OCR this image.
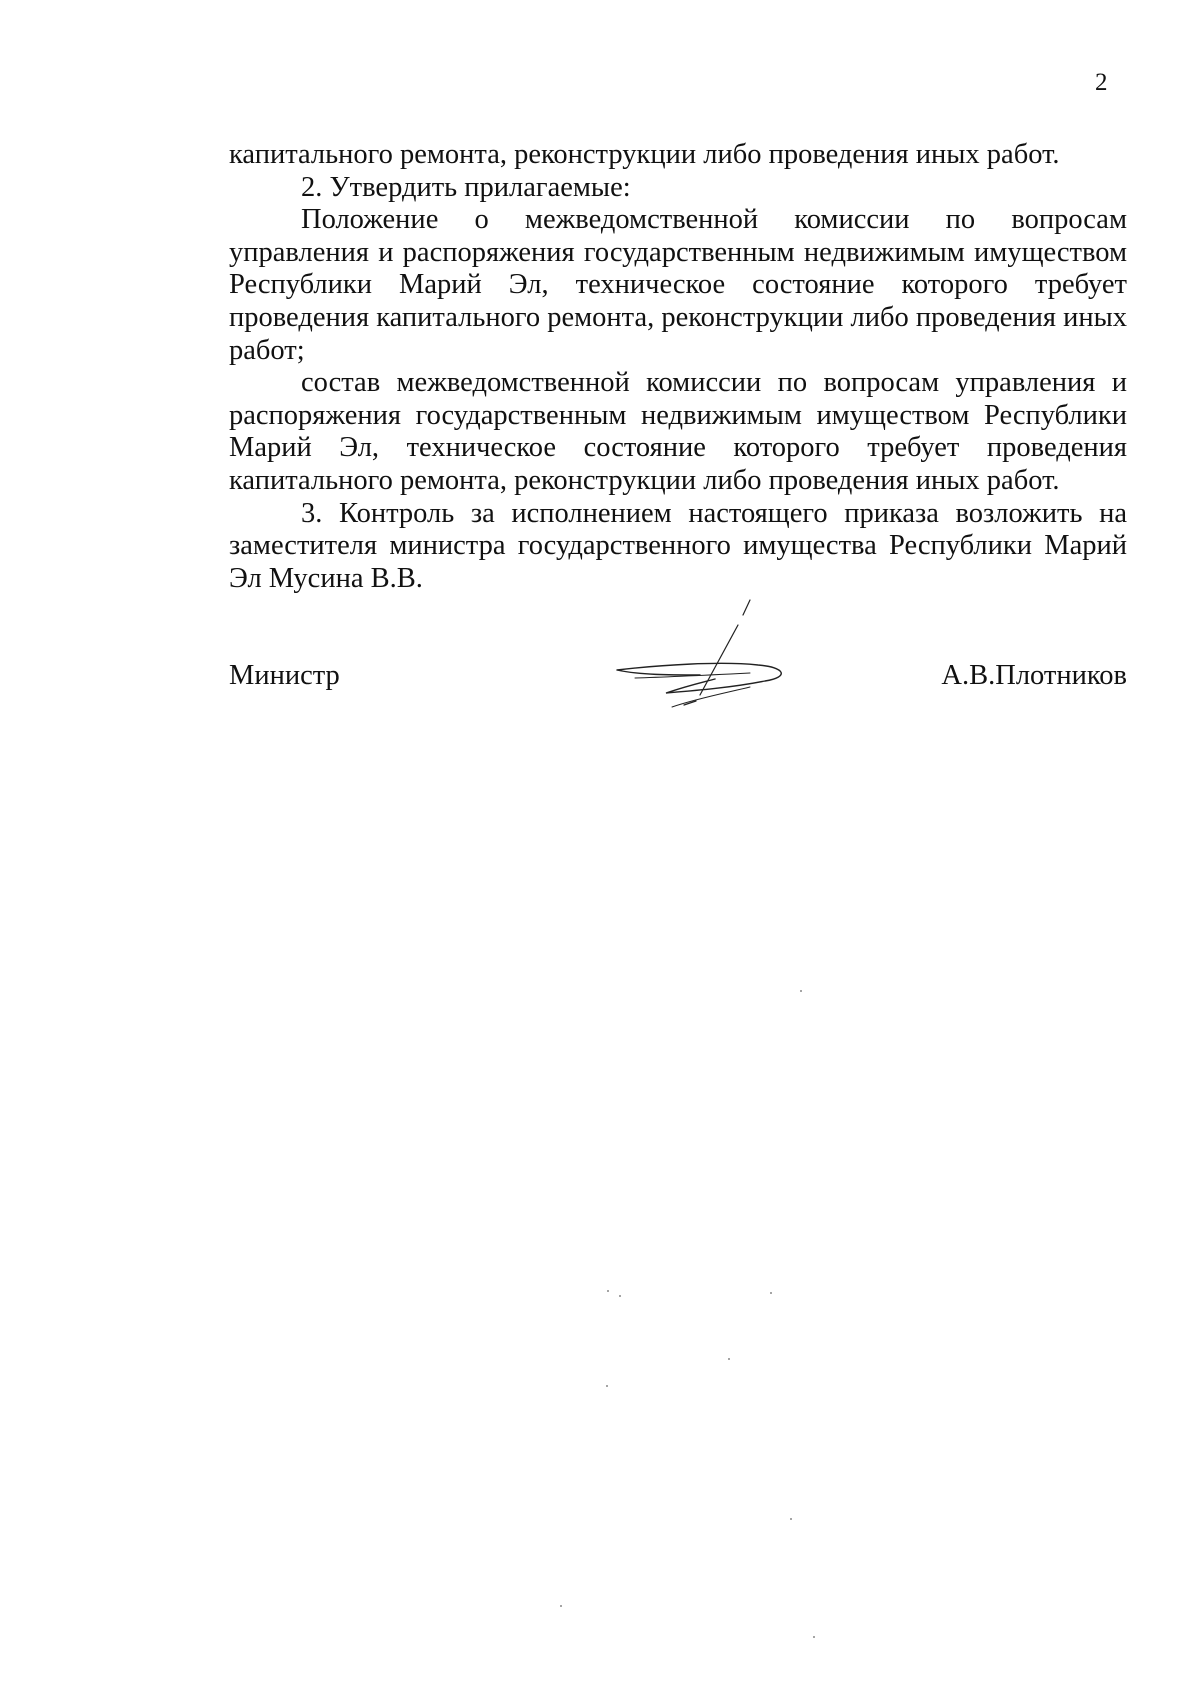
2

капитального ремонта, реконструкции либо проведения иных работ.

2. Утвердить прилагаемые:

Положение о межведомственной комиссии по вопросам управления и распоряжения государственным недвижимым имуществом Республики Марий Эл, техническое состояние которого требует проведения капитального ремонта, реконструкции либо проведения иных работ;

состав межведомственной комиссии по вопросам управления и распоряжения государственным недвижимым имуществом Республики Марий Эл, техническое состояние которого требует проведения капитального ремонта, реконструкции либо проведения иных работ.

3. Контроль за исполнением настоящего приказа возложить на заместителя министра государственного имущества Республики Марий Эл Мусина В.В.

Министр	А.В.Плотников
